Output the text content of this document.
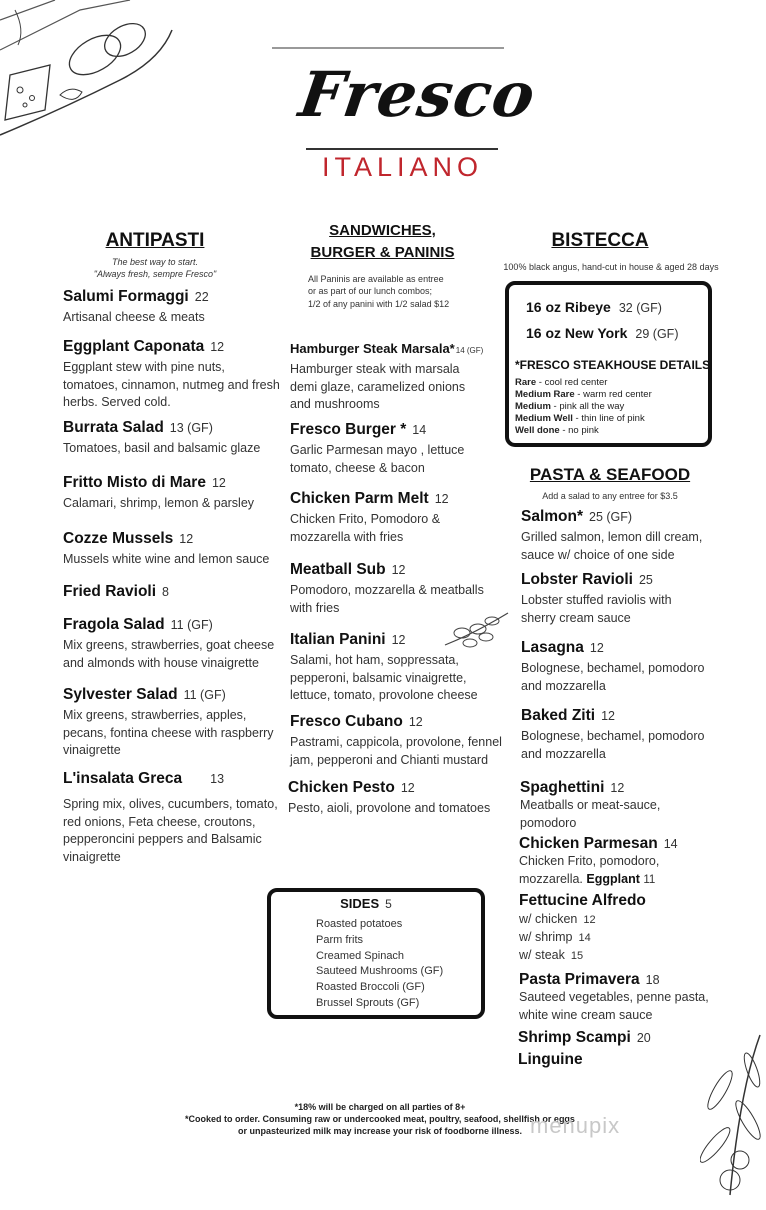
Fresco
ITALIANO
ANTIPASTI
The best way to start.
"Always fresh, sempre Fresco"
Salumi Formaggi 22
Artisanal cheese & meats
Eggplant Caponata 12
Eggplant stew with pine nuts, tomatoes, cinnamon, nutmeg and fresh herbs. Served cold.
Burrata Salad 13 (GF)
Tomatoes, basil and balsamic glaze
Fritto Misto di Mare 12
Calamari, shrimp, lemon & parsley
Cozze Mussels 12
Mussels white wine and lemon sauce
Fried Ravioli 8
Fragola Salad 11 (GF)
Mix greens, strawberries, goat cheese and almonds with house vinaigrette
Sylvester Salad 11 (GF)
Mix greens, strawberries, apples, pecans, fontina cheese with raspberry vinaigrette
L'insalata Greca 13
Spring mix, olives, cucumbers, tomato, red onions, Feta cheese, croutons, pepperoncini peppers and Balsamic vinaigrette
SANDWICHES,
BURGER & PANINIS
All Paninis are available as entree
or as part of our lunch combos;
1/2 of any panini with 1/2 salad $12
Hamburger Steak Marsala*14 (GF)
Hamburger steak with marsala demi glaze, caramelized onions and mushrooms
Fresco Burger * 14
Garlic Parmesan mayo , lettuce tomato, cheese & bacon
Chicken Parm Melt 12
Chicken Frito, Pomodoro & mozzarella with fries
Meatball Sub 12
Pomodoro, mozzarella & meatballs with fries
Italian Panini 12
Salami, hot ham, soppressata, pepperoni, balsamic vinaigrette, lettuce, tomato, provolone cheese
Fresco Cubano 12
Pastrami, cappicola, provolone, fennel jam, pepperoni and Chianti mustard
Chicken Pesto 12
Pesto, aioli, provolone and tomatoes
BISTECCA
100% black angus, hand-cut in house & aged 28 days
16 oz Ribeye 32 (GF)
16 oz New York 29 (GF)
*FRESCO STEAKHOUSE DETAILS
Rare - cool red center
Medium Rare - warm red center
Medium - pink all the way
Medium Well - thin line of pink
Well done - no pink
PASTA & SEAFOOD
Add a salad to any entree for $3.5
Salmon* 25 (GF)
Grilled salmon, lemon dill cream, sauce w/ choice of one side
Lobster Ravioli 25
Lobster stuffed raviolis with sherry cream sauce
Lasagna 12
Bolognese, bechamel, pomodoro and mozzarella
Baked Ziti 12
Bolognese, bechamel, pomodoro and mozzarella
Spaghettini 12
Meatballs or meat-sauce, pomodoro
Chicken Parmesan 14
Chicken Frito, pomodoro, mozzarella. Eggplant 11
Fettucine Alfredo
w/ chicken 12
w/ shrimp 14
w/ steak 15
Pasta Primavera 18
Sauteed vegetables, penne pasta, white wine cream sauce
Shrimp Scampi 20
Linguine
SIDES 5
Roasted potatoes
Parm frits
Creamed Spinach
Sauteed Mushrooms (GF)
Roasted Broccoli (GF)
Brussel Sprouts (GF)
*18% will be charged on all parties of 8+
*Cooked to order. Consuming raw or undercooked meat, poultry, seafood, shellfish or eggs
or unpasteurized milk may increase your risk of foodborne illness. menupix
